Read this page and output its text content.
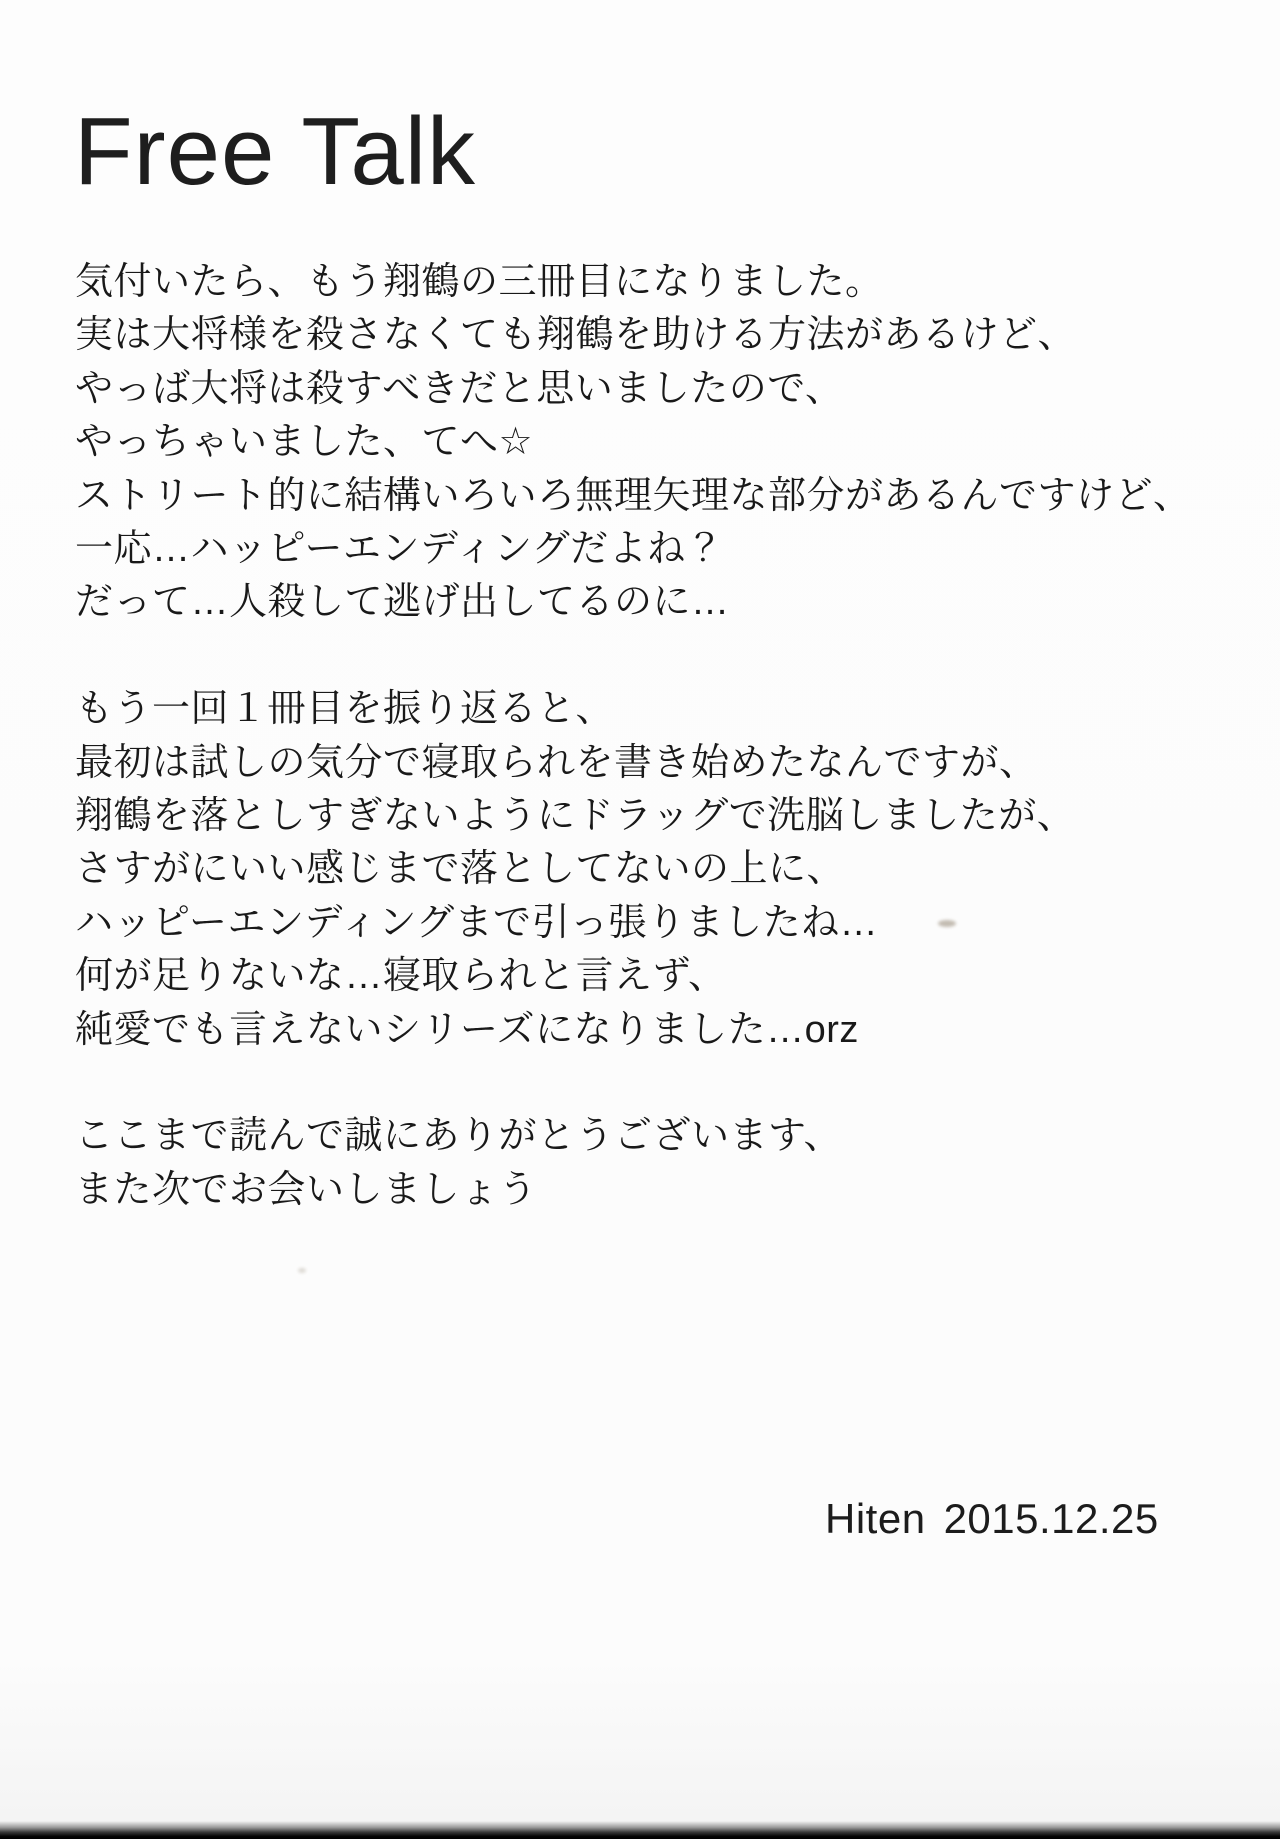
Free Talk
気付いたら、もう翔鶴の三冊目になりました。
実は大将様を殺さなくても翔鶴を助ける方法があるけど、
やっば大将は殺すべきだと思いましたので、
やっちゃいました、てへ☆
ストリート的に結構いろいろ無理矢理な部分があるんですけど、
一応…ハッピーエンディングだよね？
だって…人殺して逃げ出してるのに…
もう一回１冊目を振り返ると、
最初は試しの気分で寝取られを書き始めたなんですが、
翔鶴を落としすぎないようにドラッグで洗脳しましたが、
さすがにいい感じまで落としてないの上に、
ハッピーエンディングまで引っ張りましたね…
何が足りないな…寝取られと言えず、
純愛でも言えないシリーズになりました…orz
ここまで読んで誠にありがとうございます、
また次でお会いしましょう
Hiten 2015.12.25
